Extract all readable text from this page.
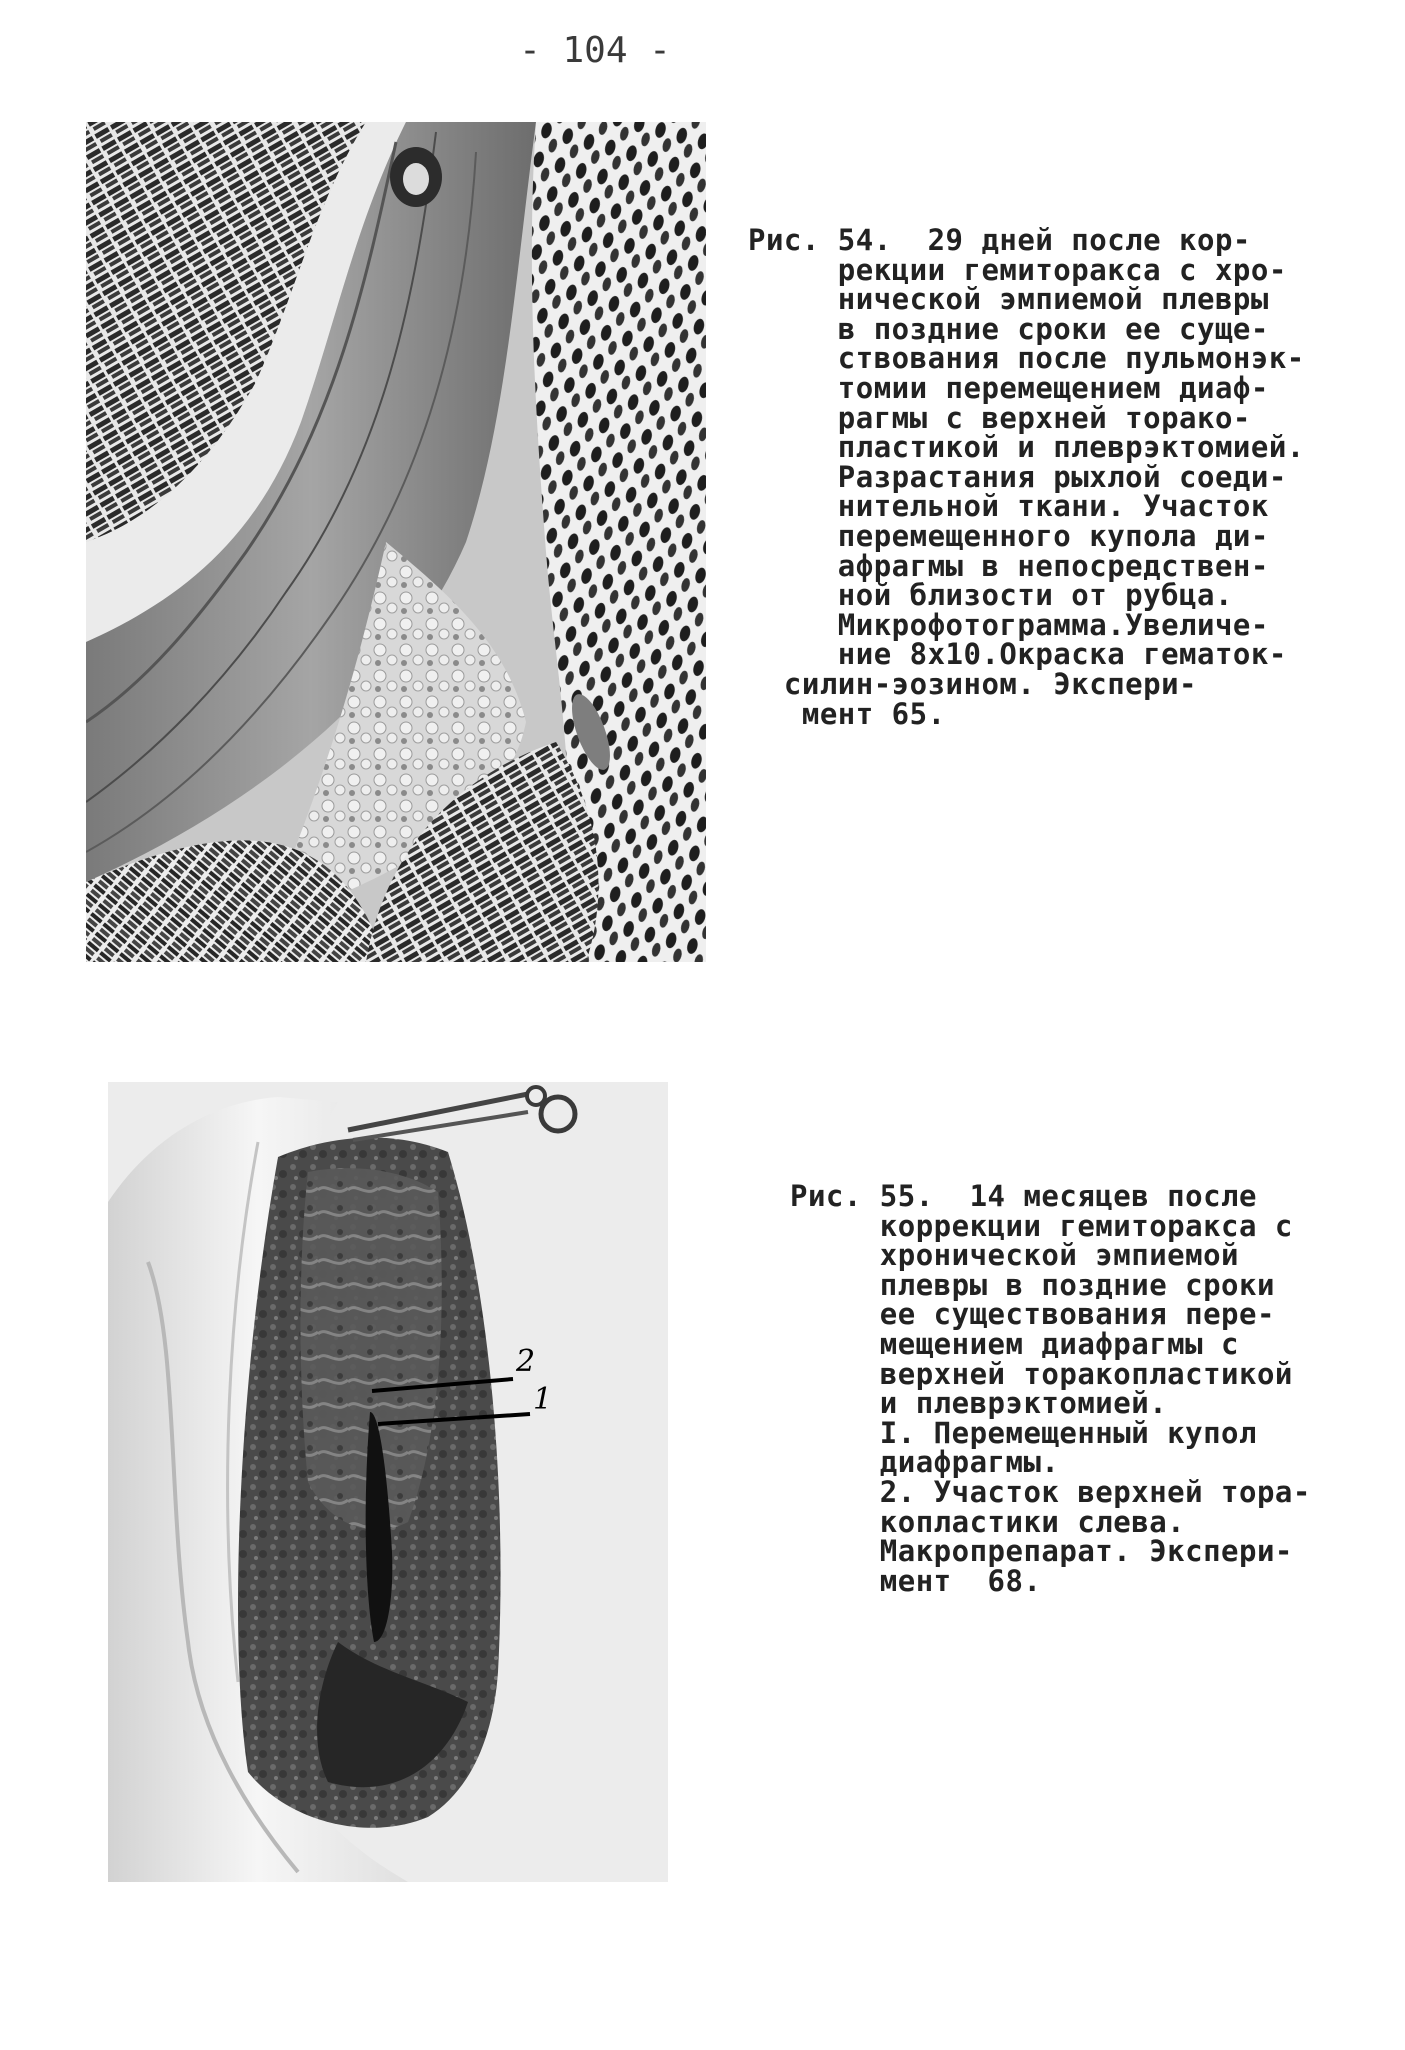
- 104 -
Рис. 54.  29 дней после кор-
рекции гемиторакса с хро-
нической эмпиемой плевры
в поздние сроки ее суще-
ствования после пульмонэк-
томии перемещением диаф-
рагмы с верхней торако-
пластикой и плеврэктомией.
Разрастания рыхлой соеди-
нительной ткани. Участок
перемещенного купола ди-
афрагмы в непосредствен-
ной близости от рубца.
Микрофотограмма.Увеличе-
ние 8х10.Окраска гематок-
силин-эозином. Экспери-
мент 65.
2
1
Рис. 55.  14 месяцев после
коррекции гемиторакса с
хронической эмпиемой
плевры в поздние сроки
ее существования пере-
мещением диафрагмы с
верхней торакопластикой
и плеврэктомией.
I. Перемещенный купол
диафрагмы.
2. Участок верхней тора-
копластики слева.
Макропрепарат. Экспери-
мент  68.
